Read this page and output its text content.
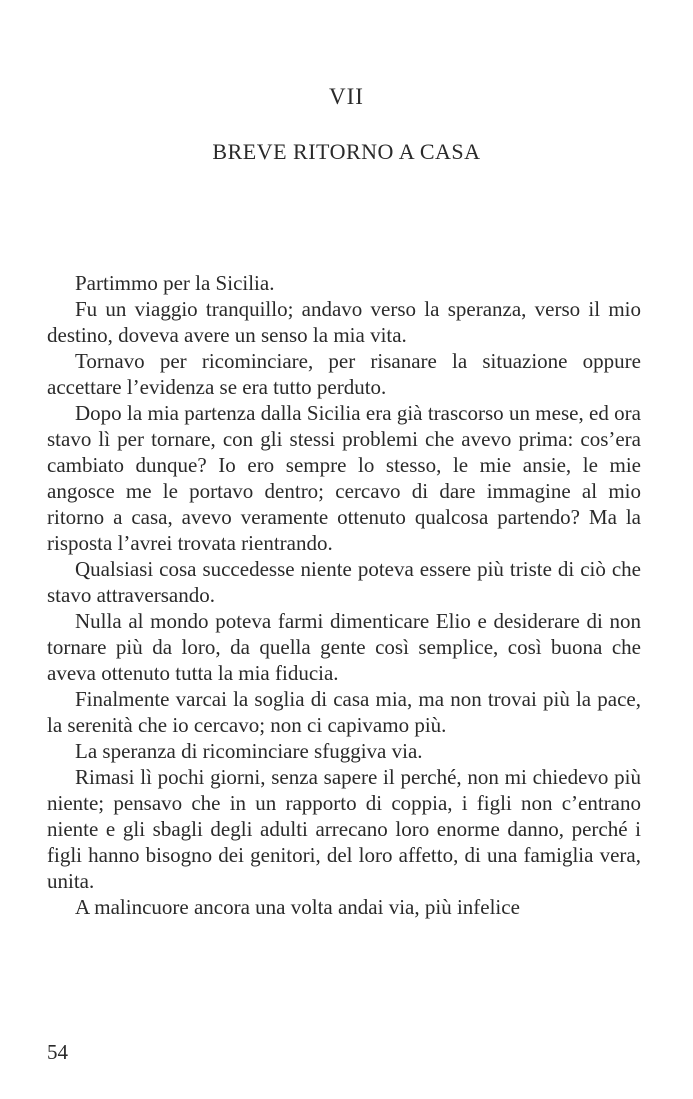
VII
BREVE RITORNO A CASA

Partimmo per la Sicilia.

Fu un viaggio tranquillo; andavo verso la speranza, verso il mio destino, doveva avere un senso la mia vita.

Tornavo per ricominciare, per risanare la situazione oppure accettare l’evidenza se era tutto perduto.

Dopo la mia partenza dalla Sicilia era già trascorso un mese, ed ora stavo lì per tornare, con gli stessi problemi che avevo prima: cos’era cambiato dunque? Io ero sempre lo stesso, le mie ansie, le mie angosce me le portavo dentro; cercavo di dare immagine al mio ritorno a casa, avevo veramente ottenuto qualcosa partendo? Ma la risposta l’avrei trovata rientrando.

Qualsiasi cosa succedesse niente poteva essere più triste di ciò che stavo attraversando.

Nulla al mondo poteva farmi dimenticare Elio e desiderare di non tornare più da loro, da quella gente così semplice, così buona che aveva ottenuto tutta la mia fiducia.

Finalmente varcai la soglia di casa mia, ma non trovai più la pace, la serenità che io cercavo; non ci capivamo più.

La speranza di ricominciare sfuggiva via.

Rimasi lì pochi giorni, senza sapere il perché, non mi chiedevo più niente; pensavo che in un rapporto di coppia, i figli non c’entrano niente e gli sbagli degli adulti arrecano loro enorme danno, perché i figli hanno bisogno dei genitori, del loro affetto, di una famiglia vera, unita.

A malincuore ancora una volta andai via, più infelice

54
